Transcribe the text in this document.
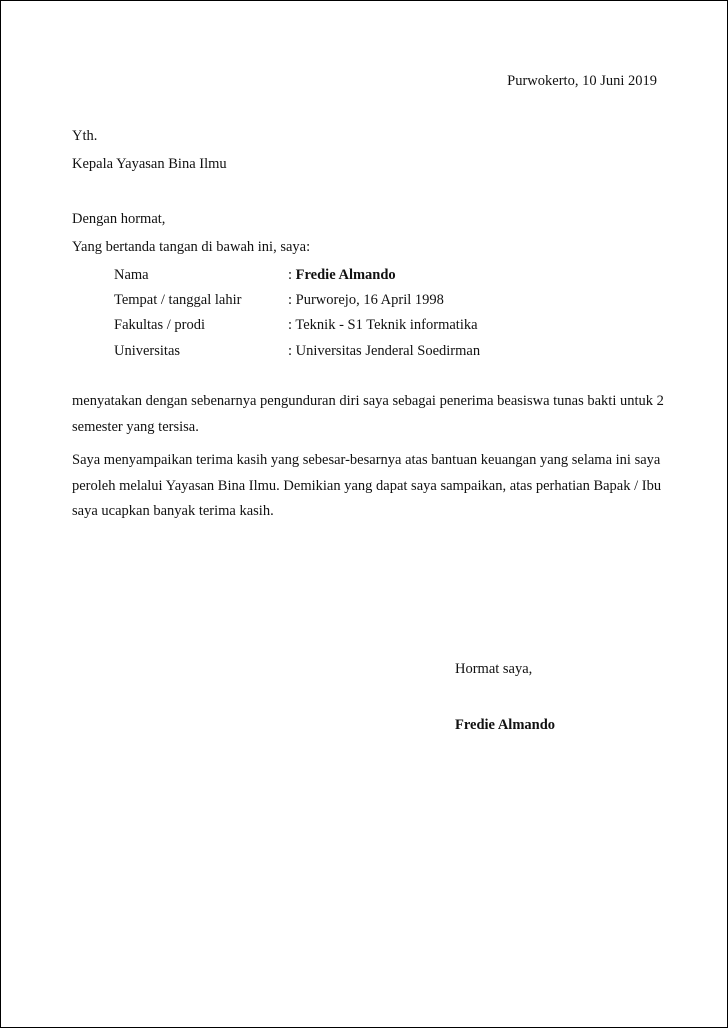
Purwokerto, 10 Juni 2019
Yth.
Kepala Yayasan Bina Ilmu
Dengan hormat,
Yang bertanda tangan di bawah ini, saya:
Nama	: Fredie Almando
Tempat / tanggal lahir	: Purworejo, 16 April 1998
Fakultas / prodi	: Teknik - S1 Teknik informatika
Universitas	: Universitas Jenderal Soedirman
menyatakan dengan sebenarnya pengunduran diri saya sebagai penerima beasiswa tunas bakti untuk 2 semester yang tersisa.
Saya menyampaikan terima kasih yang sebesar-besarnya atas bantuan keuangan yang selama ini saya peroleh melalui Yayasan Bina Ilmu. Demikian yang dapat saya sampaikan, atas perhatian Bapak / Ibu saya ucapkan banyak terima kasih.
Hormat saya,
Fredie Almando
